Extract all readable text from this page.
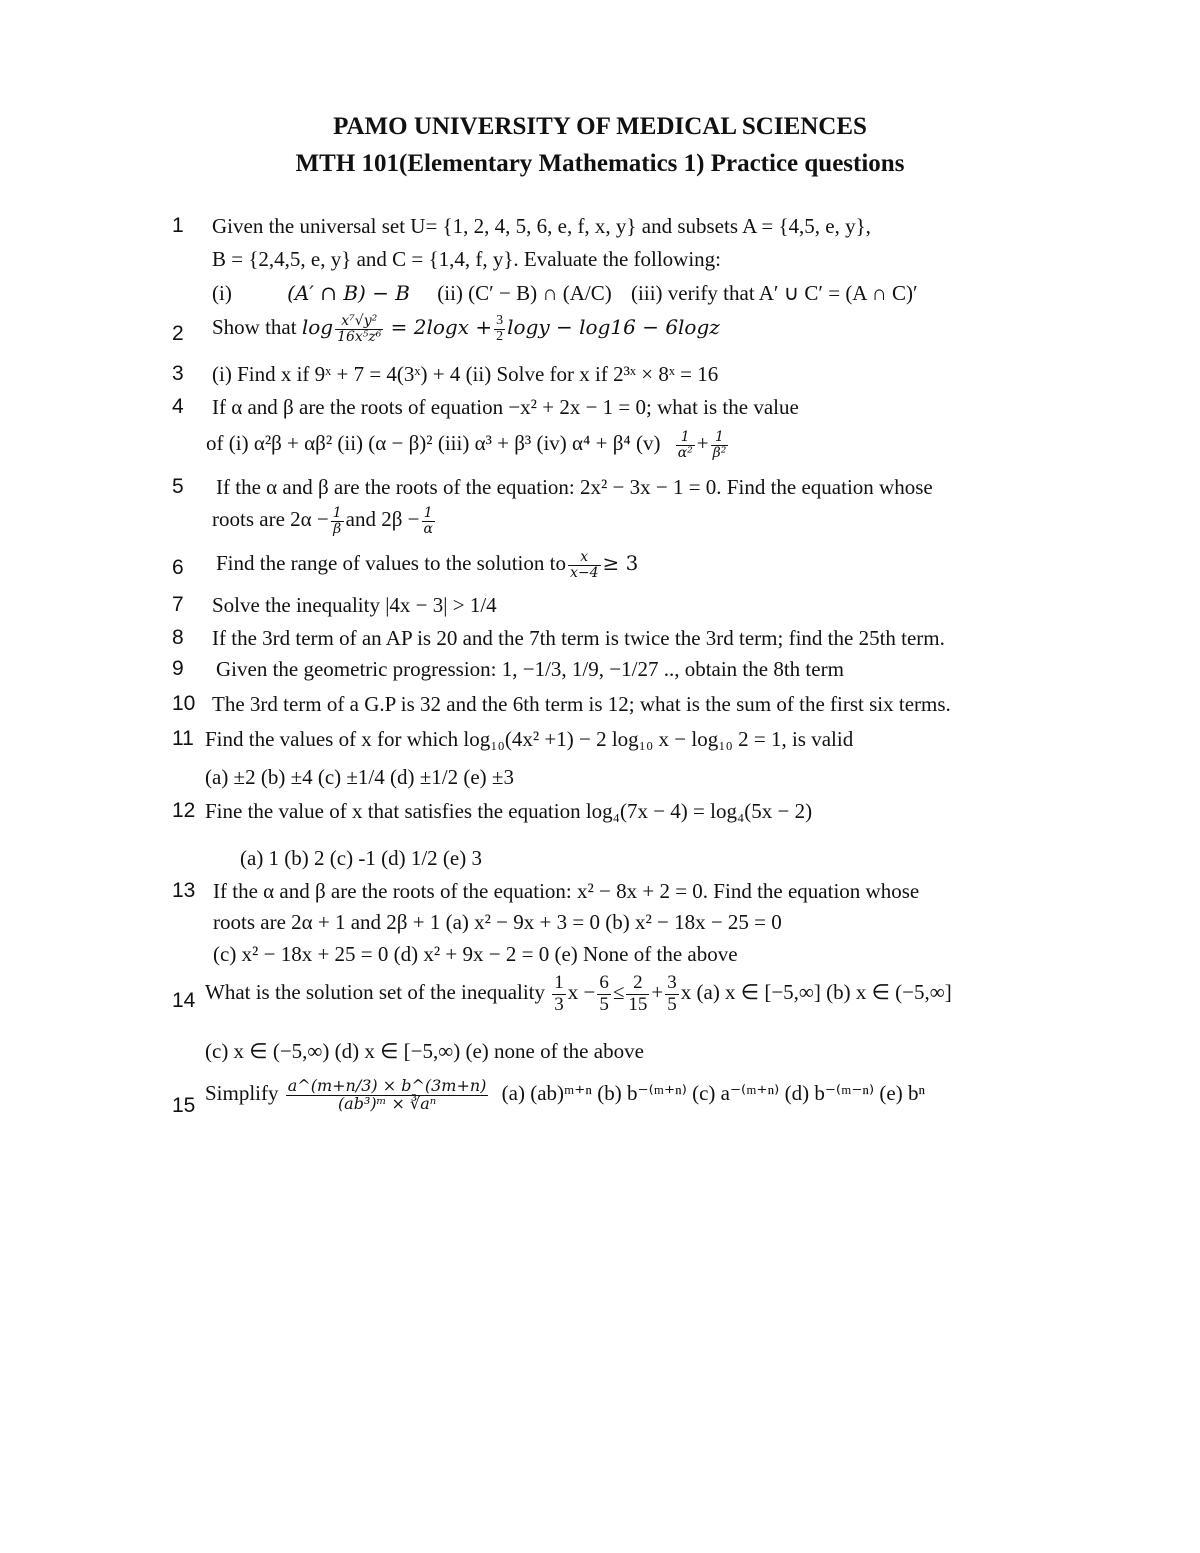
PAMO UNIVERSITY OF MEDICAL SCIENCES
MTH 101(Elementary Mathematics 1) Practice questions
1
2
3
4
5
6
7
8
9
10
11
12
13
14
15
Given the universal set U= {1, 2, 4, 5, 6, e, f, x, y} and subsets A = {4,5, e, y},
B = {2,4,5, e, y} and C = {1,4, f, y}. Evaluate the following:
(i)	(A′ ∩ B) − B (ii) (C′ − B) ∩ (A/C) (iii) verify that A′ ∪ C′ = (A ∩ C)′
Show that $\log \frac{\text{x⁷√y²}}{\text{16x⁵z⁶}} = 2\log x + \frac{3}{2}$ logy − log16 − 6logz
(i) Find x if 9ˣ + 7 = 4(3ˣ) + 4 (ii) Solve for x if 2³ˣ × 8ˣ = 16
If α and β are the roots of equation −x² + 2x − 1 = 0; what is the value
of (i) α²β + αβ² (ii) (α − β)² (iii) α³ + β³ (iv) α⁴ + β⁴ $(v) \frac{1}{\text{α²}} + \frac{1}{\text{β²}}$
If the α and β are the roots of the equation: 2x² − 3x − 1 = 0. Find the equation whose
roots are $2\alpha - \frac{1}{\beta}$ and $2\beta - \frac{1}{\alpha}$
Find the range of values to the solution to $\frac{x}{x-4} \ge 3$
Solve the inequality |4x − 3| > 1/4
If the 3rd term of an AP is 20 and the 7th term is twice the 3rd term; find the 25th term.
Given the geometric progression: 1, −1/3, 1/9, −1/27 .., obtain the 8th term
The 3rd term of a G.P is 32 and the 6th term is 12; what is the sum of the first six terms.
Find the values of x for which log₁₀(4x² +1) − 2 log₁₀ x − log₁₀ 2 = 1, is valid
(a) ±2 (b) ±4 (c) ±1/4 (d) ±1/2 (e) ±3
Fine the value of x that satisfies the equation log₄(7x − 4) = log₄(5x − 2)
(a) 1 (b) 2 (c) -1 (d) 1/2 (e) 3
If the α and β are the roots of the equation: x² − 8x + 2 = 0. Find the equation whose
roots are 2α + 1 and 2β + 1 (a) x² − 9x + 3 = 0 (b) x² − 18x − 25 = 0
(c) x² − 18x + 25 = 0 (d) x² + 9x − 2 = 0 (e) None of the above
What is the solution set of the inequality $\frac{1}{3}$ $x - \frac{6}{5} \le \frac{2}{15} + \frac{3}{5}$ x (a) x ∈ [−5,∞] (b) x ∈ (−5,∞]
(c) x ∈ (−5,∞) (d) x ∈ [−5,∞) (e) none of the above
Simplify $\frac{a\^{}(m+n/3) \times b\^{}(3m+n)}{\text{(ab³)ᵐ × ∛aⁿ}} (a)$ (ab)ᵐ⁺ⁿ (b) b⁻⁽ᵐ⁺ⁿ⁾ (c) a⁻⁽ᵐ⁺ⁿ⁾ (d) b⁻⁽ᵐ⁻ⁿ⁾ (e) bⁿ
